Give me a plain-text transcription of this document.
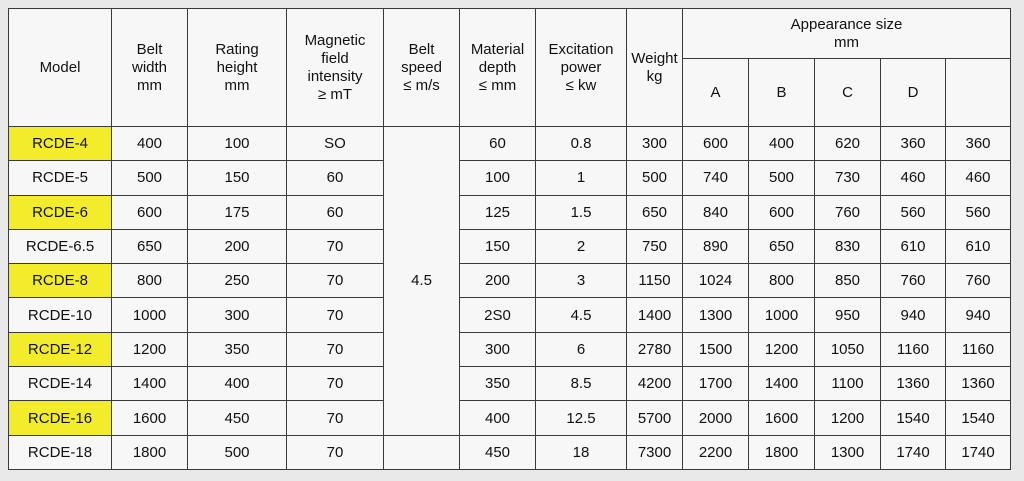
Model	Belt
width
mm	Rating
height
mm	Magnetic
field
intensity
≥ mT	Belt
speed
≤ m/s	Material
depth
≤ mm	Excitation
power
≤ kw	Weight
kg	Appearance size
mm				

								A	B	C	D	
RCDE-4	400	100	SO	4.5	60	0.8	300	600	400	620	360	360
RCDE-5	500	150	60		100	1	500	740	500	730	460	460
RCDE-6	600	175	60		125	1.5	650	840	600	760	560	560
RCDE-6.5	650	200	70		150	2	750	890	650	830	610	610
RCDE-8	800	250	70		200	3	1150	1024	800	850	760	760
RCDE-10	1000	300	70		2S0	4.5	1400	1300	1000	950	940	940
RCDE-12	1200	350	70		300	6	2780	1500	1200	1050	1160	1160
RCDE-14	1400	400	70		350	8.5	4200	1700	1400	1100	1360	1360
RCDE-16	1600	450	70		400	12.5	5700	2000	1600	1200	1540	1540
RCDE-18	1800	500	70		450	18	7300	2200	1800	1300	1740	1740
